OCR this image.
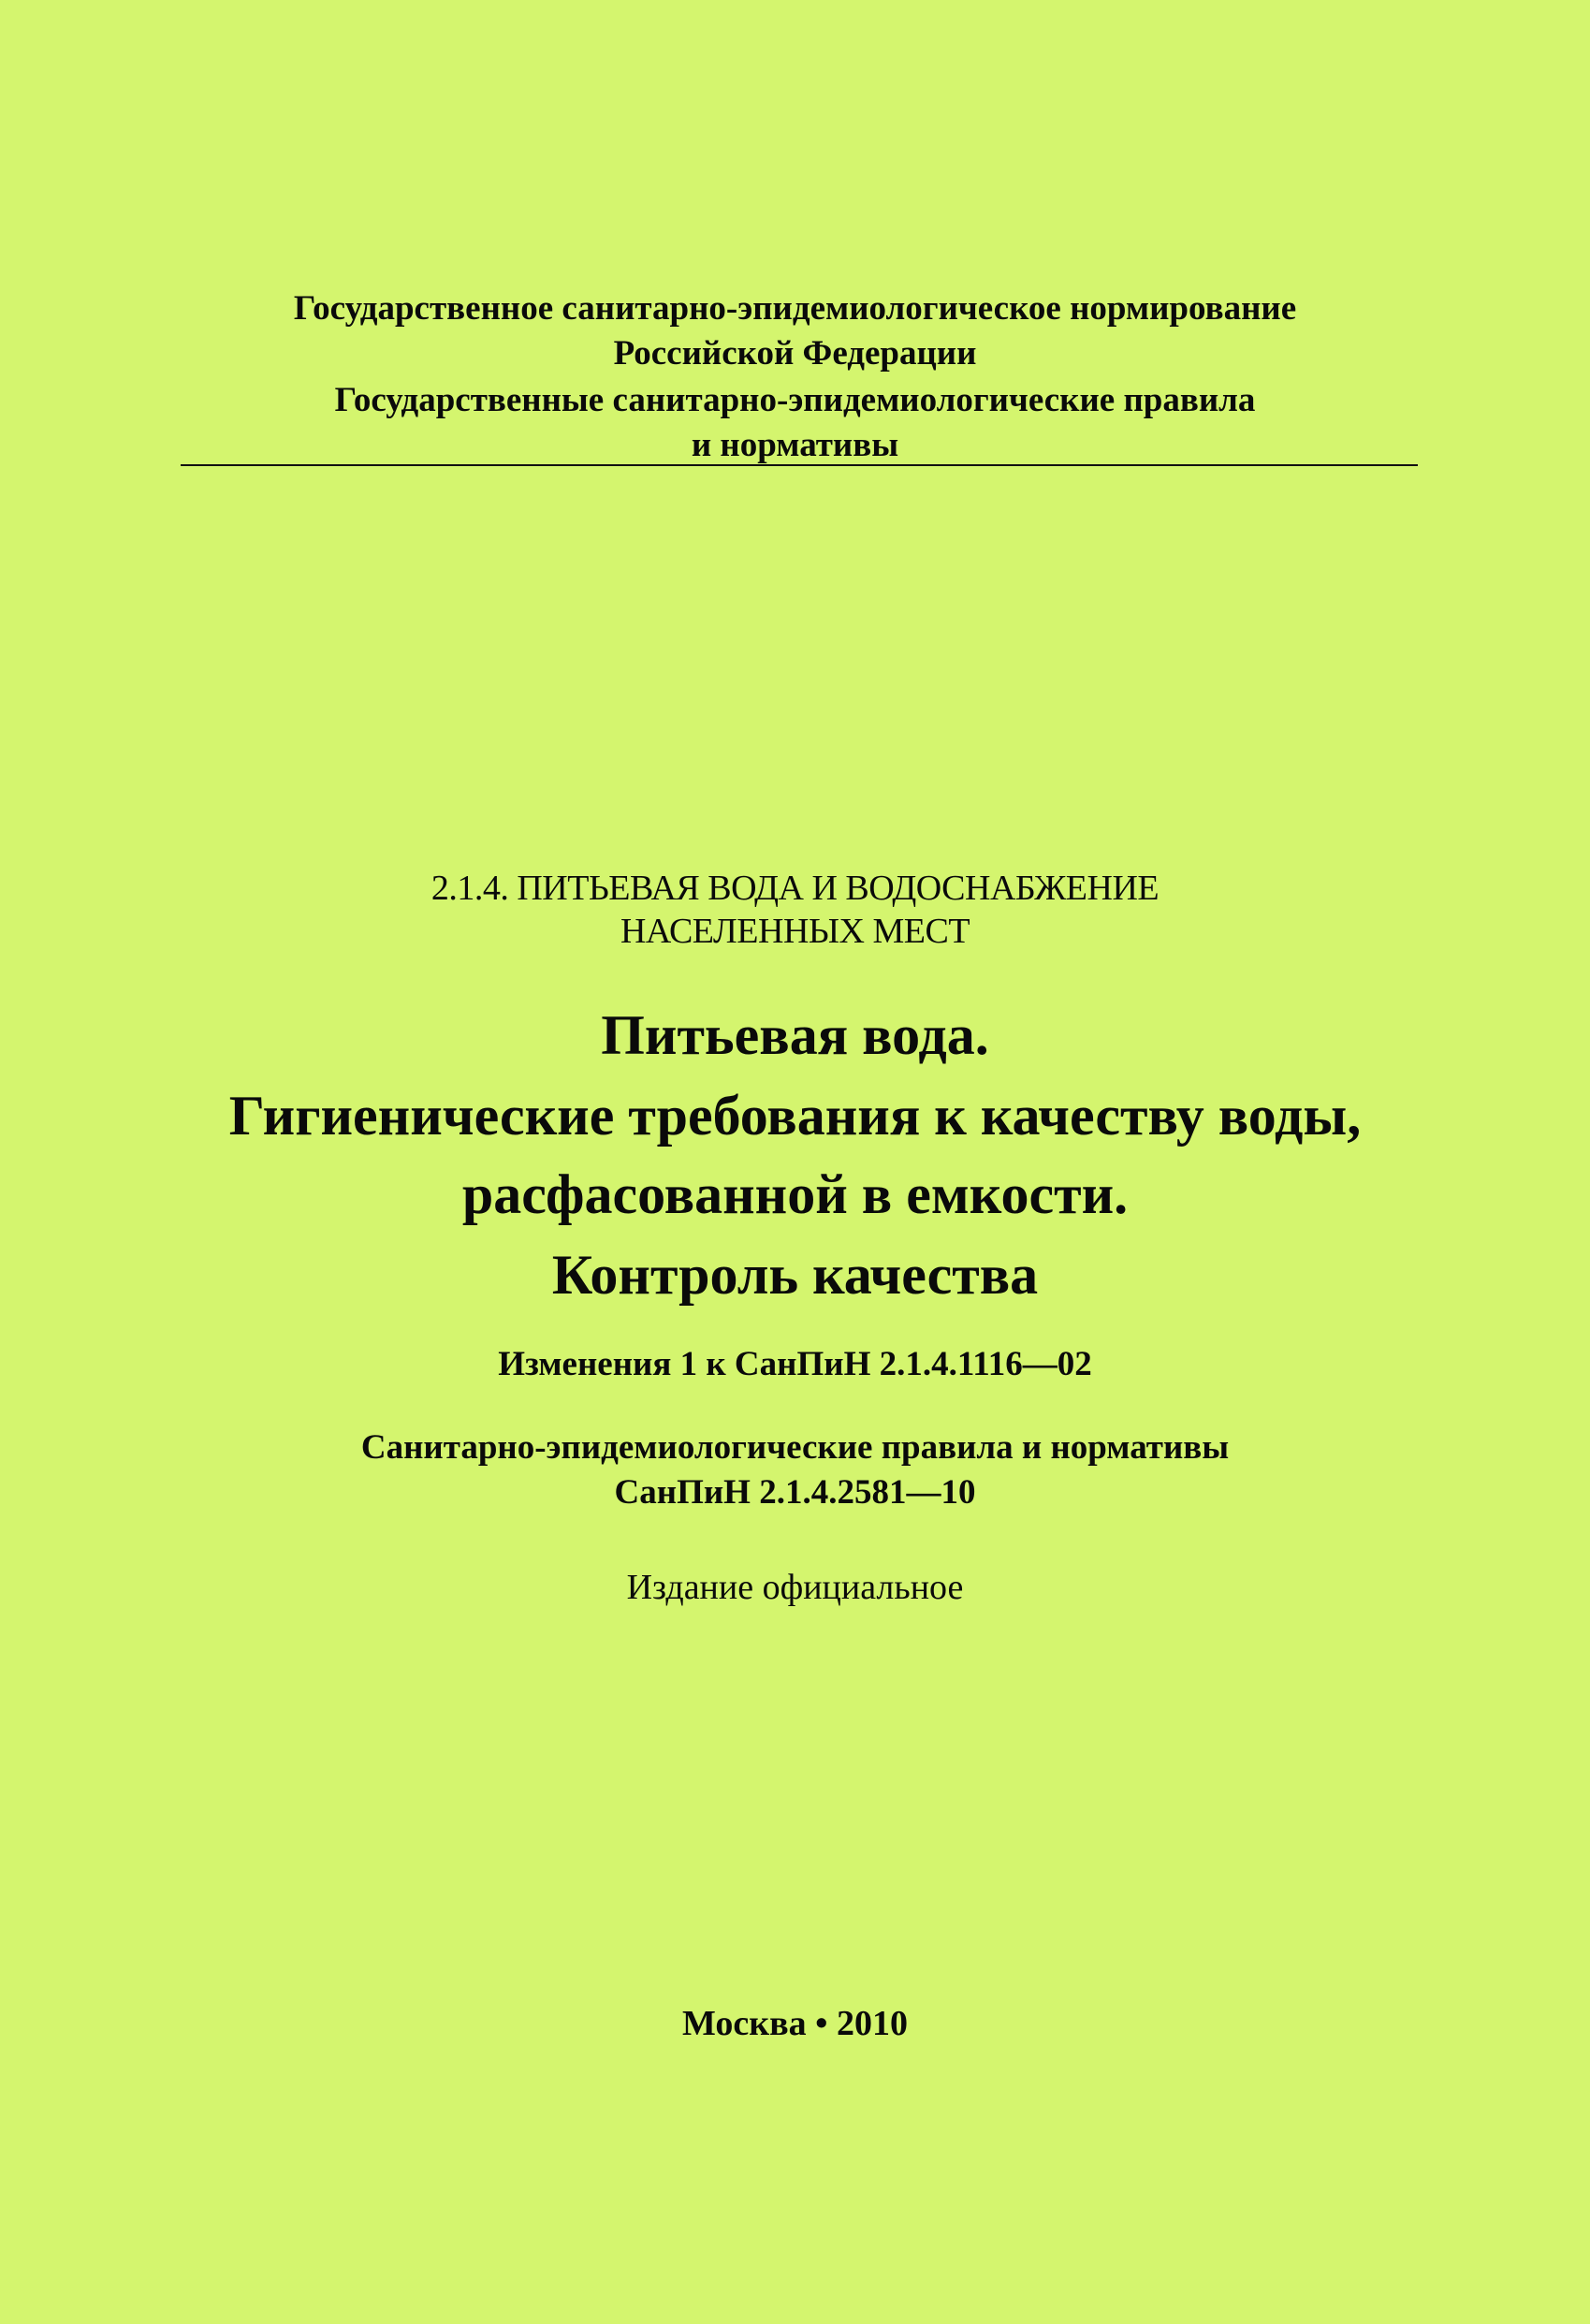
Государственное санитарно-эпидемиологическое нормирование

Российской Федерации

Государственные санитарно-эпидемиологические правила

и нормативы

2.1.4. ПИТЬЕВАЯ ВОДА И ВОДОСНАБЖЕНИЕ

НАСЕЛЕННЫХ МЕСТ

Питьевая вода.

Гигиенические требования к качеству воды,

расфасованной в емкости.

Контроль качества

Изменения 1 к СанПиН 2.1.4.1116—02

Санитарно-эпидемиологические правила и нормативы

СанПиН 2.1.4.2581—10

Издание официальное

Москва • 2010
